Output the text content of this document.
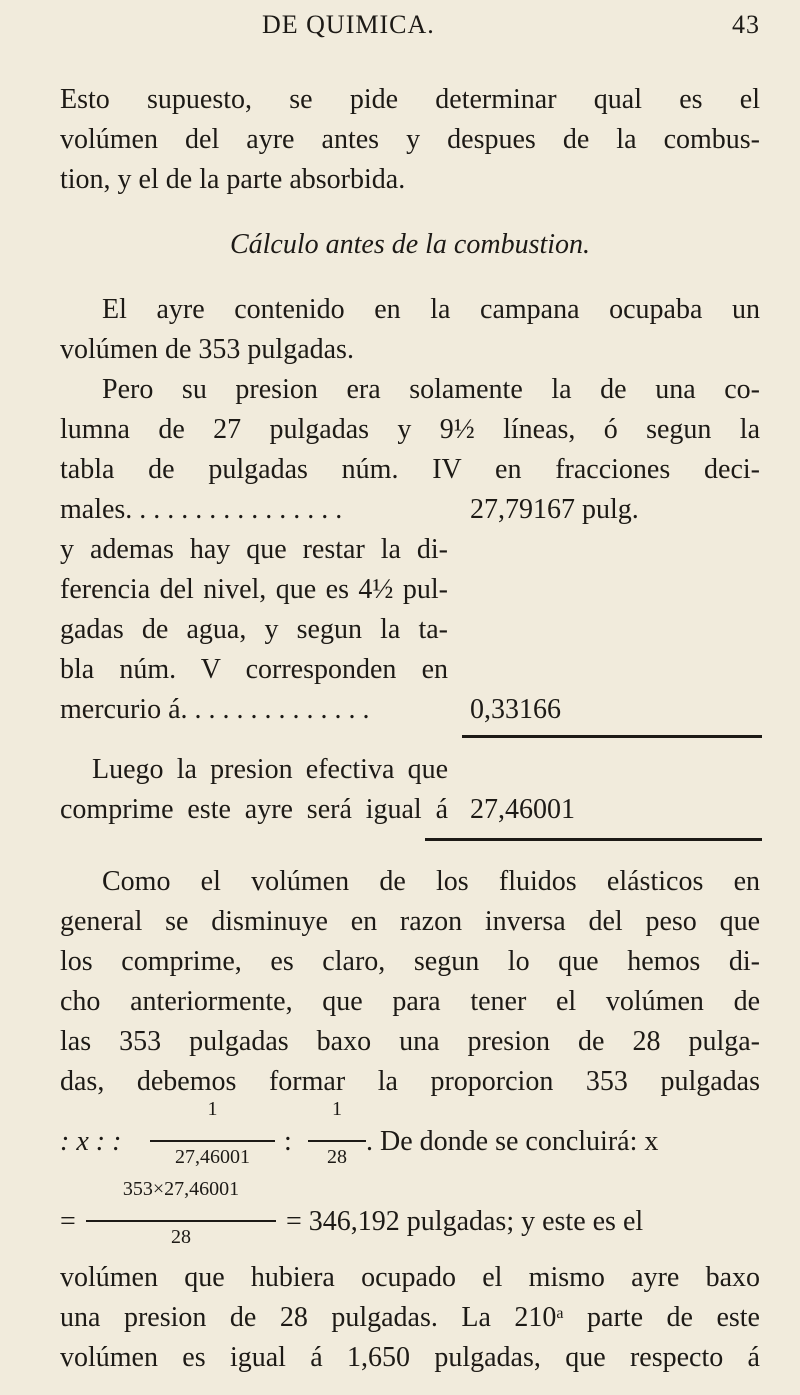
DE QUIMICA.	43
Esto supuesto, se pide determinar qual es el
volúmen del ayre antes y despues de la combus-
tion, y el de la parte absorbida.
Cálculo antes de la combustion.
El ayre contenido en la campana ocupaba un
volúmen de 353 pulgadas.
Pero su presion era solamente la de una co-
lumna de 27 pulgadas y 9½ líneas, ó segun la
tabla de pulgadas núm. IV en fracciones deci-
males. . . . . . . . . . . . . . . .	27,79167 pulg.
y ademas hay que restar la di-
ferencia del nivel, que es 4½ pul-
gadas de agua, y segun la ta-
bla núm. V corresponden en
mercurio á. . . . . . . . . . . . . .	0,33166
Luego la presion efectiva que
comprime este ayre será igual á 27,46001
Como el volúmen de los fluidos elásticos en
general se disminuye en razon inversa del peso que
los comprime, es claro, segun lo que hemos di-
cho anteriormente, que para tener el volúmen de
las 353 pulgadas baxo una presion de 28 pulga-
das, debemos formar la proporcion 353 pulgadas
: x : :
1
27,46001	:
1
28 . De donde se concluirá: x
=
353×27,46001
28	= 346,192 pulgadas; y este es el
volúmen que hubiera ocupado el mismo ayre baxo
una presion de 28 pulgadas. La 210$^a$ parte de este
volúmen es igual á 1,650 pulgadas, que respecto á
